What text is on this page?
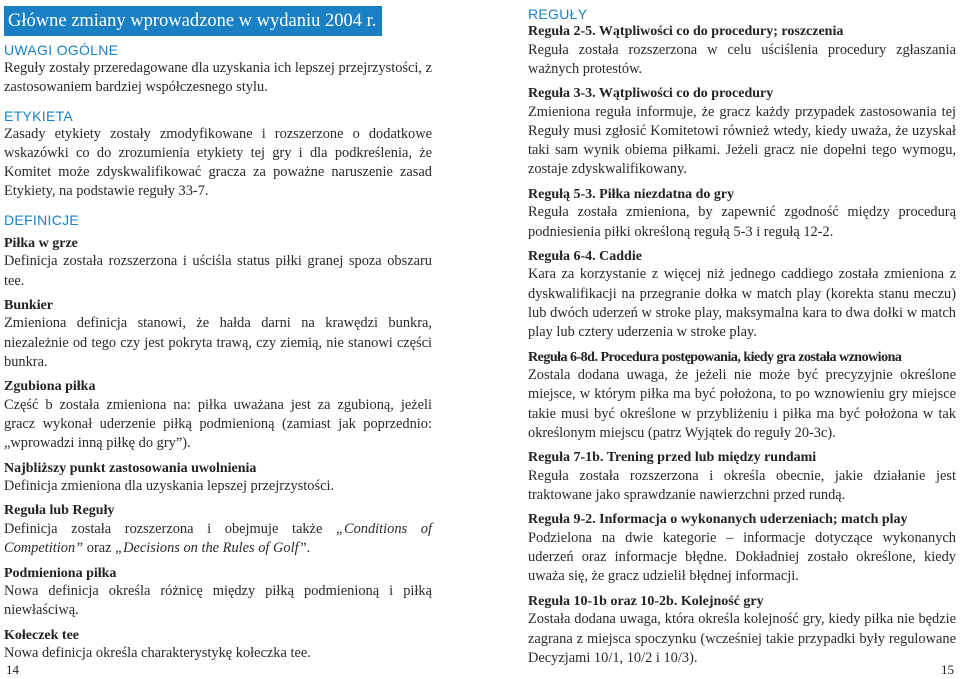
Główne zmiany wprowadzone w wydaniu 2004 r.
UWAGI OGÓLNE

Reguły zostały przeredagowane dla uzyskania ich lepszej przejrzystości, z zastosowaniem bardziej współczesnego stylu.

ETYKIETA

Zasady etykiety zostały zmodyfikowane i rozszerzone o dodatkowe wskazówki co do zrozumienia etykiety tej gry i dla podkreślenia, że Komitet może zdyskwalifikować gracza za poważne naruszenie zasad Etykiety, na podstawie reguły 33-7.

DEFINICJE
Piłka w grze

Definicja została rozszerzona i uściśla status piłki granej spoza obszaru tee.

Bunkier

Zmieniona definicja stanowi, że hałda darni na krawędzi bunkra, niezależnie od tego czy jest pokryta trawą, czy ziemią, nie stanowi części bunkra.

Zgubiona piłka

Część b została zmieniona na: piłka uważana jest za zgubioną, jeżeli gracz wykonał uderzenie piłką podmienioną (zamiast jak poprzednio: „wprowadzi inną piłkę do gry”).

Najbliższy punkt zastosowania uwolnienia

Definicja zmieniona dla uzyskania lepszej przejrzystości.

Reguła lub Reguły

Definicja została rozszerzona i obejmuje także „Conditions of Competition” oraz „Decisions on the Rules of Golf”.

Podmieniona piłka

Nowa definicja określa różnicę między piłką podmienioną i piłką niewłaściwą.

Kołeczek tee

Nowa definicja określa charakterystykę kołeczka tee.

REGUŁY
Reguła 2-5. Wątpliwości co do procedury; roszczenia

Reguła została rozszerzona w celu uściślenia procedury zgłaszania ważnych protestów.

Reguła 3-3. Wątpliwości co do procedury

Zmieniona reguła informuje, że gracz każdy przypadek zastosowania tej Reguły musi zgłosić Komitetowi również wtedy, kiedy uważa, że uzyskał taki sam wynik obiema piłkami. Jeżeli gracz nie dopełni tego wymogu, zostaje zdyskwalifikowany.

Regułą 5-3. Piłka niezdatna do gry

Reguła została zmieniona, by zapewnić zgodność między procedurą podniesienia piłki określoną regułą 5-3 i regułą 12-2.

Reguła 6-4. Caddie

Kara za korzystanie z więcej niż jednego caddiego została zmieniona z dyskwalifikacji na przegranie dołka w match play (korekta stanu meczu) lub dwóch uderzeń w stroke play, maksymalna kara to dwa dołki w match play lub cztery uderzenia w stroke play.

Reguła 6-8d. Procedura postępowania, kiedy gra została wznowiona

Zostala dodana uwaga, że jeżeli nie może być precyzyjnie określone miejsce, w którym piłka ma być położona, to po wznowieniu gry miejsce takie musi być określone w przybliżeniu i piłka ma być położona w tak określonym miejscu (patrz Wyjątek do reguły 20-3c).

Reguła 7-1b. Trening przed lub między rundami

Reguła została rozszerzona i określa obecnie, jakie działanie jest traktowane jako sprawdzanie nawierzchni przed rundą.

Reguła 9-2. Informacja o wykonanych uderzeniach; match play

Podzielona na dwie kategorie – informacje dotyczące wykonanych uderzeń oraz informacje błędne. Dokładniej zostało określone, kiedy uważa się, że gracz udzielił błędnej informacji.

Reguła 10-1b oraz 10-2b. Kolejność gry

Została dodana uwaga, która określa kolejność gry, kiedy piłka nie będzie zagrana z miejsca spoczynku (wcześniej takie przypadki były regulowane Decyzjami 10/1, 10/2 i 10/3).

14	15
